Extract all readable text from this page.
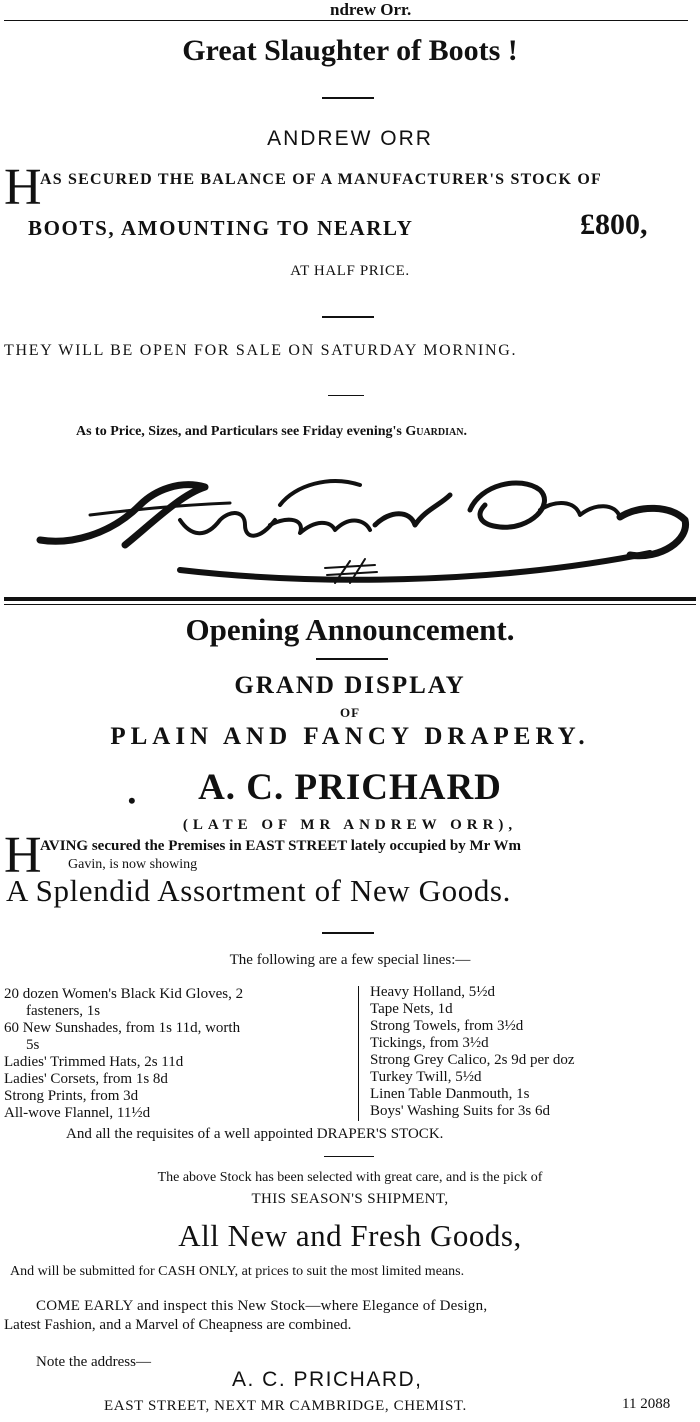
ndrew Orr.
Great Slaughter of Boots !
ANDREW ORR
H
AS SECURED THE BALANCE OF A MANUFACTURER'S STOCK OF
BOOTS, AMOUNTING TO NEARLY	£800,
AT HALF PRICE.
THEY WILL BE OPEN FOR SALE ON SATURDAY MORNING.
As to Price, Sizes, and Particulars see Friday evening's Guardian.
Opening Announcement.
GRAND DISPLAY
OF
PLAIN AND FANCY DRAPERY.
A. C. PRICHARD
•
(LATE OF MR ANDREW ORR),
H
AVING secured the Premises in EAST STREET lately occupied by Mr Wm
Gavin, is now showing
A Splendid Assortment of New Goods.
The following are a few special lines:—
20 dozen Women's Black Kid Gloves, 2
fasteners, 1s
60 New Sunshades, from 1s 11d, worth
5s
Ladies' Trimmed Hats, 2s 11d
Ladies' Corsets, from 1s 8d
Strong Prints, from 3d
All-wove Flannel, 11½d
Heavy Holland, 5½d
Tape Nets, 1d
Strong Towels, from 3½d
Tickings, from 3½d
Strong Grey Calico, 2s 9d per doz
Turkey Twill, 5½d
Linen Table Danmouth, 1s
Boys' Washing Suits for 3s 6d
And all the requisites of a well appointed DRAPER'S STOCK.
The above Stock has been selected with great care, and is the pick of
THIS SEASON'S SHIPMENT,
All New and Fresh Goods,
And will be submitted for CASH ONLY, at prices to suit the most limited means.
COME EARLY and inspect this New Stock—where Elegance of Design,
Latest Fashion, and a Marvel of Cheapness are combined.
Note the address—
A. C. PRICHARD,
EAST STREET, NEXT MR CAMBRIDGE, CHEMIST.	11 2088
